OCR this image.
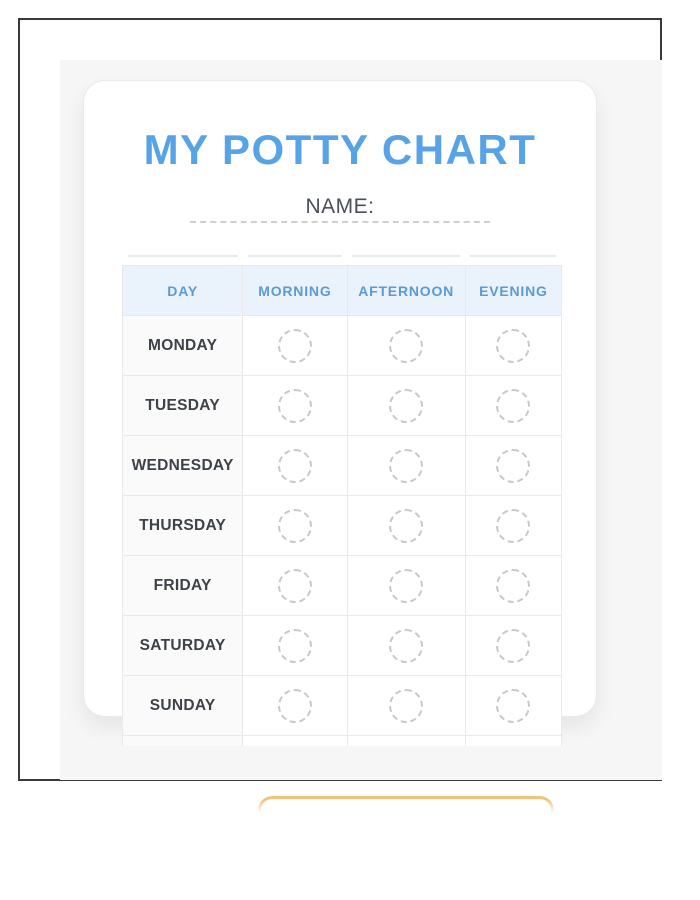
MY POTTY CHART
NAME:
DAY	MORNING	AFTERNOON	EVENING
MONDAY			
TUESDAY			
WEDNESDAY			
THURSDAY			
FRIDAY			
SATURDAY			
SUNDAY			
